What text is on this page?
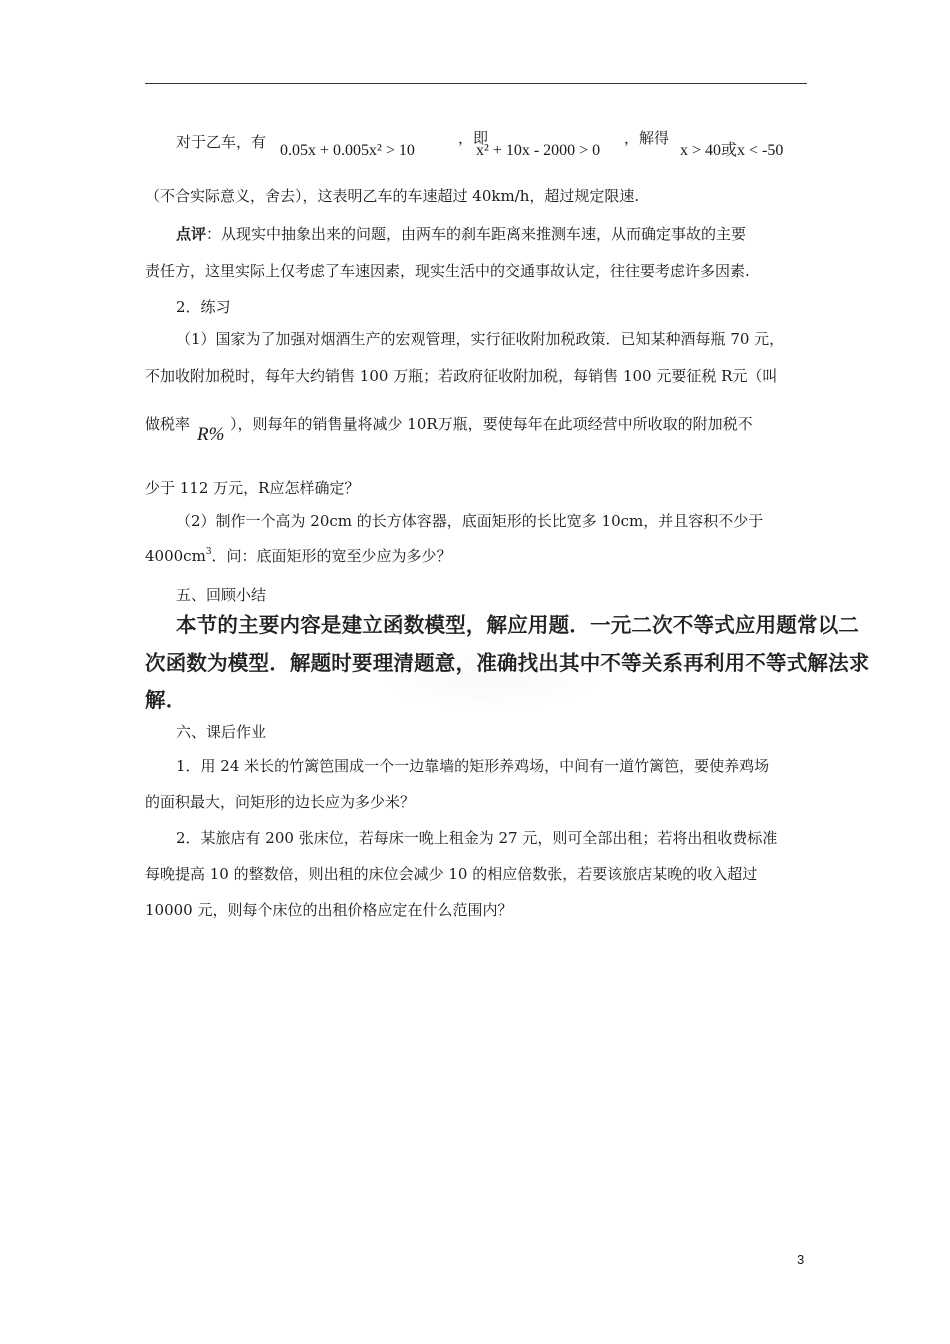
对于乙车，有 0.05x + 0.005x² > 10
，即
x² + 10x - 2000 > 0
，解得
x > 40或x < -50
（不合实际意义，舍去），这表明乙车的车速超过 40km/h，超过规定限速.
点评：从现实中抽象出来的问题，由两车的刹车距离来推测车速，从而确定事故的主要
责任方，这里实际上仅考虑了车速因素，现实生活中的交通事故认定，往往要考虑许多因素.
2．练习
（1）国家为了加强对烟酒生产的宏观管理，实行征收附加税政策．已知某种酒每瓶 70 元，
不加收附加税时，每年大约销售 100 万瓶；若政府征收附加税，每销售 100 元要征税 R元（叫
做税率 R% ），则每年的销售量将减少 10R万瓶，要使每年在此项经营中所收取的附加税不
少于 112 万元，R应怎样确定？
（2）制作一个高为 20cm 的长方体容器，底面矩形的长比宽多 10cm，并且容积不少于
$4000cm^3$．问：底面矩形的宽至少应为多少？
五、回顾小结
本节的主要内容是建立函数模型，解应用题．一元二次不等式应用题常以二
次函数为模型．解题时要理清题意，准确找出其中不等关系再利用不等式解法求
解．
六、课后作业
1．用 24 米长的竹篱笆围成一个一边靠墙的矩形养鸡场，中间有一道竹篱笆，要使养鸡场
的面积最大，问矩形的边长应为多少米？
2．某旅店有 200 张床位，若每床一晚上租金为 27 元，则可全部出租；若将出租收费标准
每晚提高 10 的整数倍，则出租的床位会减少 10 的相应倍数张，若要该旅店某晚的收入超过
10000 元，则每个床位的出租价格应定在什么范围内？
3
